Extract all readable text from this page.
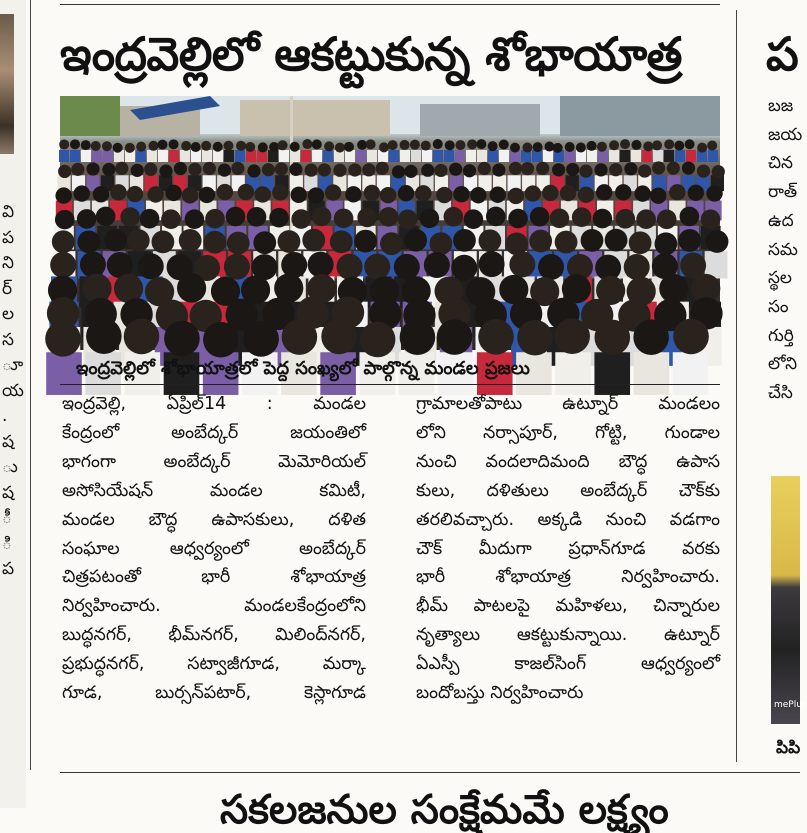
వి
ప
ని
ర్
ల
స
ూ
య
.
ష
ు
ష
ీ
ి
ప
ఇంద్రవెల్లిలో ఆకట్టుకున్న శోభాయాత్ర
ఇంద్రవెల్లిలో శోభాయాత్రలో పెద్ద సంఖ్యలో పాల్గొన్న మండల ప్రజలు
ఇంద్రవెల్లి, ఏప్రిల్14 : మండల
కేంద్రంలో అంబేద్కర్ జయంతిలో
భాగంగా అంబేద్కర్ మెమోరియల్
అసోసియేషన్ మండల కమిటీ,
మండల బౌద్ధ ఉపాసకులు, దళిత
సంఘాల ఆధ్వర్యంలో అంబేద్కర్
చిత్రపటంతో భారీ శోభాయాత్ర
నిర్వహించారు. మండలకేంద్రంలోని
బుద్ధనగర్, భీమ్‌నగర్, మిలింద్‌నగర్,
ప్రభుద్ధనగర్, సట్వాజీగూడ, మర్కా
గూడ, బుర్సన్‌పటార్, కెస్లాగూడ
గ్రామాలతోపాటు ఉట్నూర్ మండలం
లోని నర్సాపూర్, గోట్టి, గుండాల
నుంచి వందలాదిమంది బౌద్ధ ఉపాస
కులు, దళితులు అంబేద్కర్ చౌక్‌కు
తరలివచ్చారు. అక్కడి నుంచి వడగాం
చౌక్ మీదుగా ప్రధాన్‌గూడ వరకు
భారీ శోభాయాత్ర నిర్వహించారు.
భీమ్ పాటలపై మహిళలు, చిన్నారుల
నృత్యాలు ఆకట్టుకున్నాయి. ఉట్నూర్
ఏఎస్పీ కాజల్‌సింగ్ ఆధ్వర్యంలో
బందోబస్తు నిర్వహించారు
ప
బజ
జయ
చిన
రాత్
ఉద
సమ
స్థల
సం
గుర్తి
లోని
చేసి
mePlus
పిపి
సకలజనుల సంక్షేమమే లక్ష్యం
